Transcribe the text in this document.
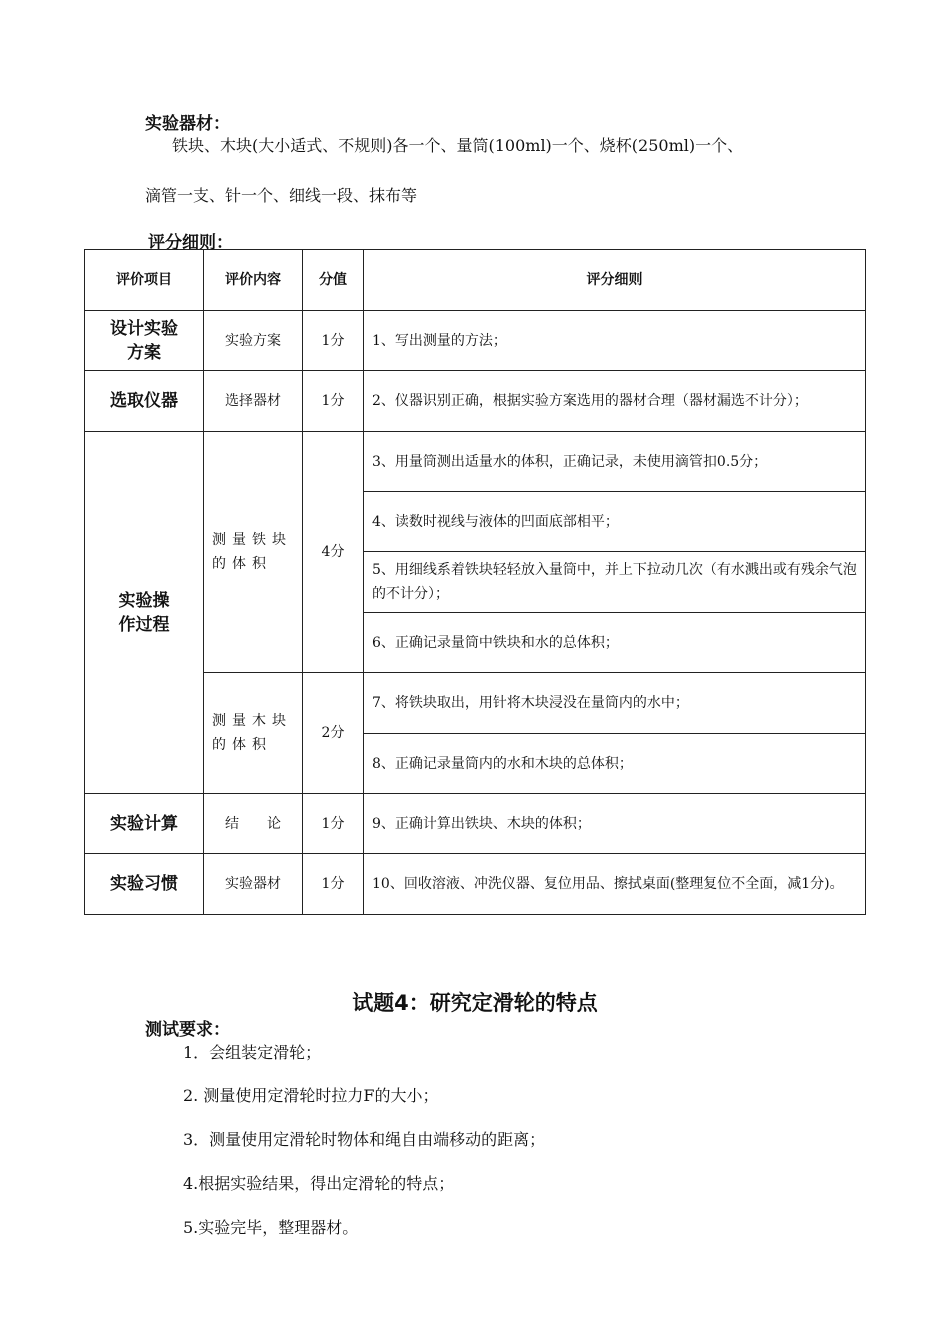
实验器材：
铁块、木块(大小适式、不规则)各一个、量筒(100ml)一个、烧杯(250ml)一个、
滴管一支、针一个、细线一段、抹布等
评分细则：
评价项目	评价内容	分值	评分细则
设计实验方案	实验方案	1分	1、写出测量的方法；
选取仪器	选择器材	1分	2、仪器识别正确，根据实验方案选用的器材合理（器材漏选不计分）；
实验操作过程	测量铁块的体积	4分	3、用量筒测出适量水的体积，正确记录，未使用滴管扣0.5分；
			4、读数时视线与液体的凹面底部相平；
			5、用细线系着铁块轻轻放入量筒中，并上下拉动几次（有水溅出或有残余气泡的不计分）；
			6、正确记录量筒中铁块和水的总体积；
	测量木块的体积	2分	7、将铁块取出，用针将木块浸没在量筒内的水中；
			8、正确记录量筒内的水和木块的总体积；
实验计算	结　　论	1分	9、正确计算出铁块、木块的体积；
实验习惯	实验器材	1分	10、回收溶液、冲洗仪器、复位用品、擦拭桌面(整理复位不全面，减1分)。
试题4：研究定滑轮的特点
测试要求：
1．会组装定滑轮；
2. 测量使用定滑轮时拉力F的大小；
3．测量使用定滑轮时物体和绳自由端移动的距离；
4.根据实验结果，得出定滑轮的特点；
5.实验完毕，整理器材。
